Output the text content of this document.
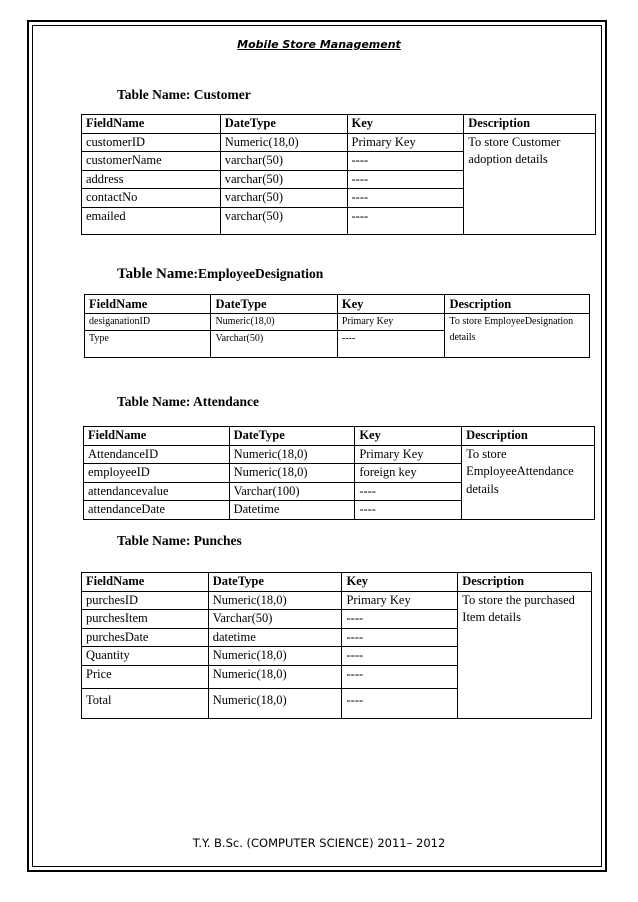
Mobile Store Management
Table Name: Customer
FieldName	DateType	Key	Description
customerID	Numeric(18,0)	Primary Key	To store Customer adoption details
customerName	varchar(50)	----	
address	varchar(50)	----	
contactNo	varchar(50)	----	
emailed	varchar(50)	----	
Table Name:EmployeeDesignation
FieldName	DateType	Key	Description
desiganationID	Numeric(18,0)	Primary Key	To store EmployeeDesignation details
Type	Varchar(50)	----	
Table Name: Attendance
FieldName	DateType	Key	Description
AttendanceID	Numeric(18,0)	Primary Key	To store EmployeeAttendance details
employeeID	Numeric(18,0)	foreign key	
attendancevalue	Varchar(100)	----	
attendanceDate	Datetime	----	
Table Name: Punches
FieldName	DateType	Key	Description
purchesID	Numeric(18,0)	Primary Key	To store the purchased Item details
purchesItem	Varchar(50)	----	
purchesDate	datetime	----	
Quantity	Numeric(18,0)	----	
Price	Numeric(18,0)	----	
Total	Numeric(18,0)	----	
T.Y. B.Sc. (COMPUTER SCIENCE) 2011– 2012
